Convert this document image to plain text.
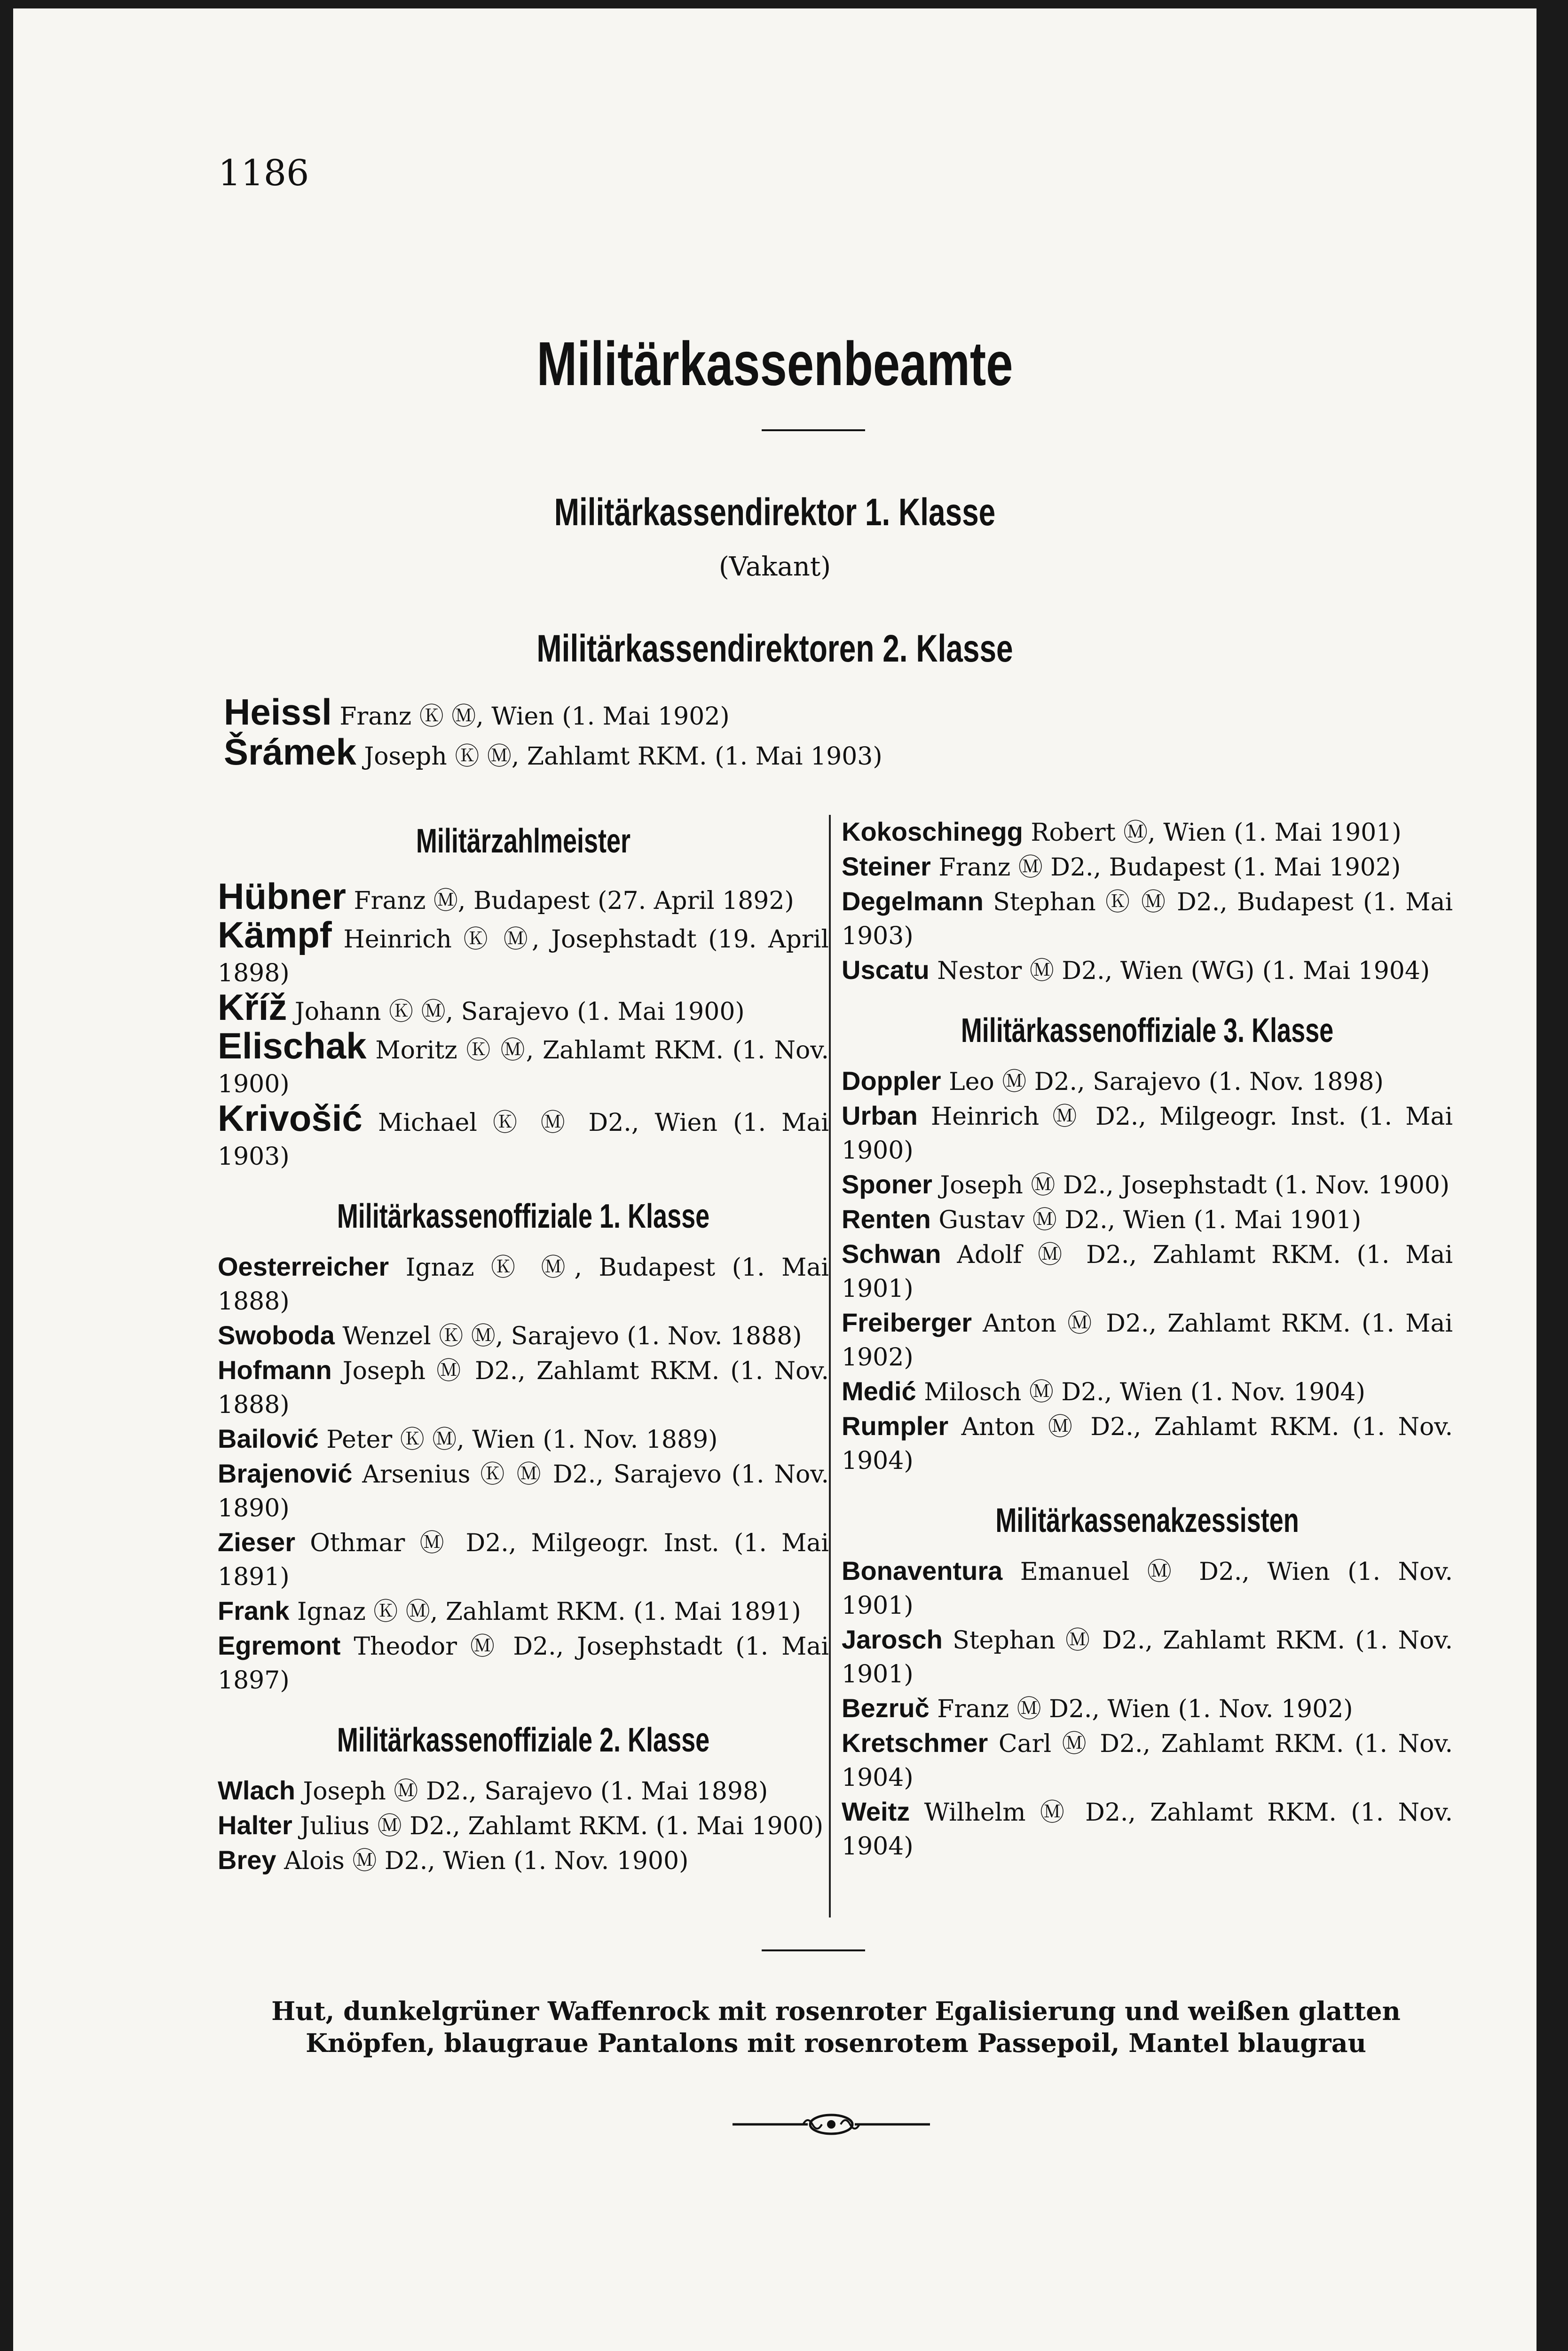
1186
Militärkassenbeamte
Militärkassendirektor 1. Klasse
(Vakant)
Militärkassendirektoren 2. Klasse
Heissl Franz Ⓚ Ⓜ, Wien (1. Mai 1902)
Šrámek Joseph Ⓚ Ⓜ, Zahlamt RKM. (1. Mai 1903)
Militärzahlmeister
Hübner Franz Ⓜ, Budapest (27. April 1892)
Kämpf Heinrich Ⓚ Ⓜ, Josephstadt (19. April 1898)
Kříž Johann Ⓚ Ⓜ, Sarajevo (1. Mai 1900)
Elischak Moritz Ⓚ Ⓜ, Zahlamt RKM. (1. Nov. 1900)
Krivošić Michael Ⓚ Ⓜ D2., Wien (1. Mai 1903)
Militärkassenoffiziale 1. Klasse
Oesterreicher Ignaz Ⓚ Ⓜ, Budapest (1. Mai 1888)
Swoboda Wenzel Ⓚ Ⓜ, Sarajevo (1. Nov. 1888)
Hofmann Joseph Ⓜ D2., Zahlamt RKM. (1. Nov. 1888)
Bailović Peter Ⓚ Ⓜ, Wien (1. Nov. 1889)
Brajenović Arsenius Ⓚ Ⓜ D2., Sarajevo (1. Nov. 1890)
Zieser Othmar Ⓜ D2., Milgeogr. Inst. (1. Mai 1891)
Frank Ignaz Ⓚ Ⓜ, Zahlamt RKM. (1. Mai 1891)
Egremont Theodor Ⓜ D2., Josephstadt (1. Mai 1897)
Militärkassenoffiziale 2. Klasse
Wlach Joseph Ⓜ D2., Sarajevo (1. Mai 1898)
Halter Julius Ⓜ D2., Zahlamt RKM. (1. Mai 1900)
Brey Alois Ⓜ D2., Wien (1. Nov. 1900)
Kokoschinegg Robert Ⓜ, Wien (1. Mai 1901)
Steiner Franz Ⓜ D2., Budapest (1. Mai 1902)
Degelmann Stephan Ⓚ Ⓜ D2., Budapest (1. Mai 1903)
Uscatu Nestor Ⓜ D2., Wien (WG) (1. Mai 1904)
Militärkassenoffiziale 3. Klasse
Doppler Leo Ⓜ D2., Sarajevo (1. Nov. 1898)
Urban Heinrich Ⓜ D2., Milgeogr. Inst. (1. Mai 1900)
Sponer Joseph Ⓜ D2., Josephstadt (1. Nov. 1900)
Renten Gustav Ⓜ D2., Wien (1. Mai 1901)
Schwan Adolf Ⓜ D2., Zahlamt RKM. (1. Mai 1901)
Freiberger Anton Ⓜ D2., Zahlamt RKM. (1. Mai 1902)
Medić Milosch Ⓜ D2., Wien (1. Nov. 1904)
Rumpler Anton Ⓜ D2., Zahlamt RKM. (1. Nov. 1904)
Militärkassenakzessisten
Bonaventura Emanuel Ⓜ D2., Wien (1. Nov. 1901)
Jarosch Stephan Ⓜ D2., Zahlamt RKM. (1. Nov. 1901)
Bezruč Franz Ⓜ D2., Wien (1. Nov. 1902)
Kretschmer Carl Ⓜ D2., Zahlamt RKM. (1. Nov. 1904)
Weitz Wilhelm Ⓜ D2., Zahlamt RKM. (1. Nov. 1904)
Hut, dunkelgrüner Waffenrock mit rosenroter Egalisierung und weißen glatten Knöpfen, blaugraue Pantalons mit rosenrotem Passepoil, Mantel blaugrau
